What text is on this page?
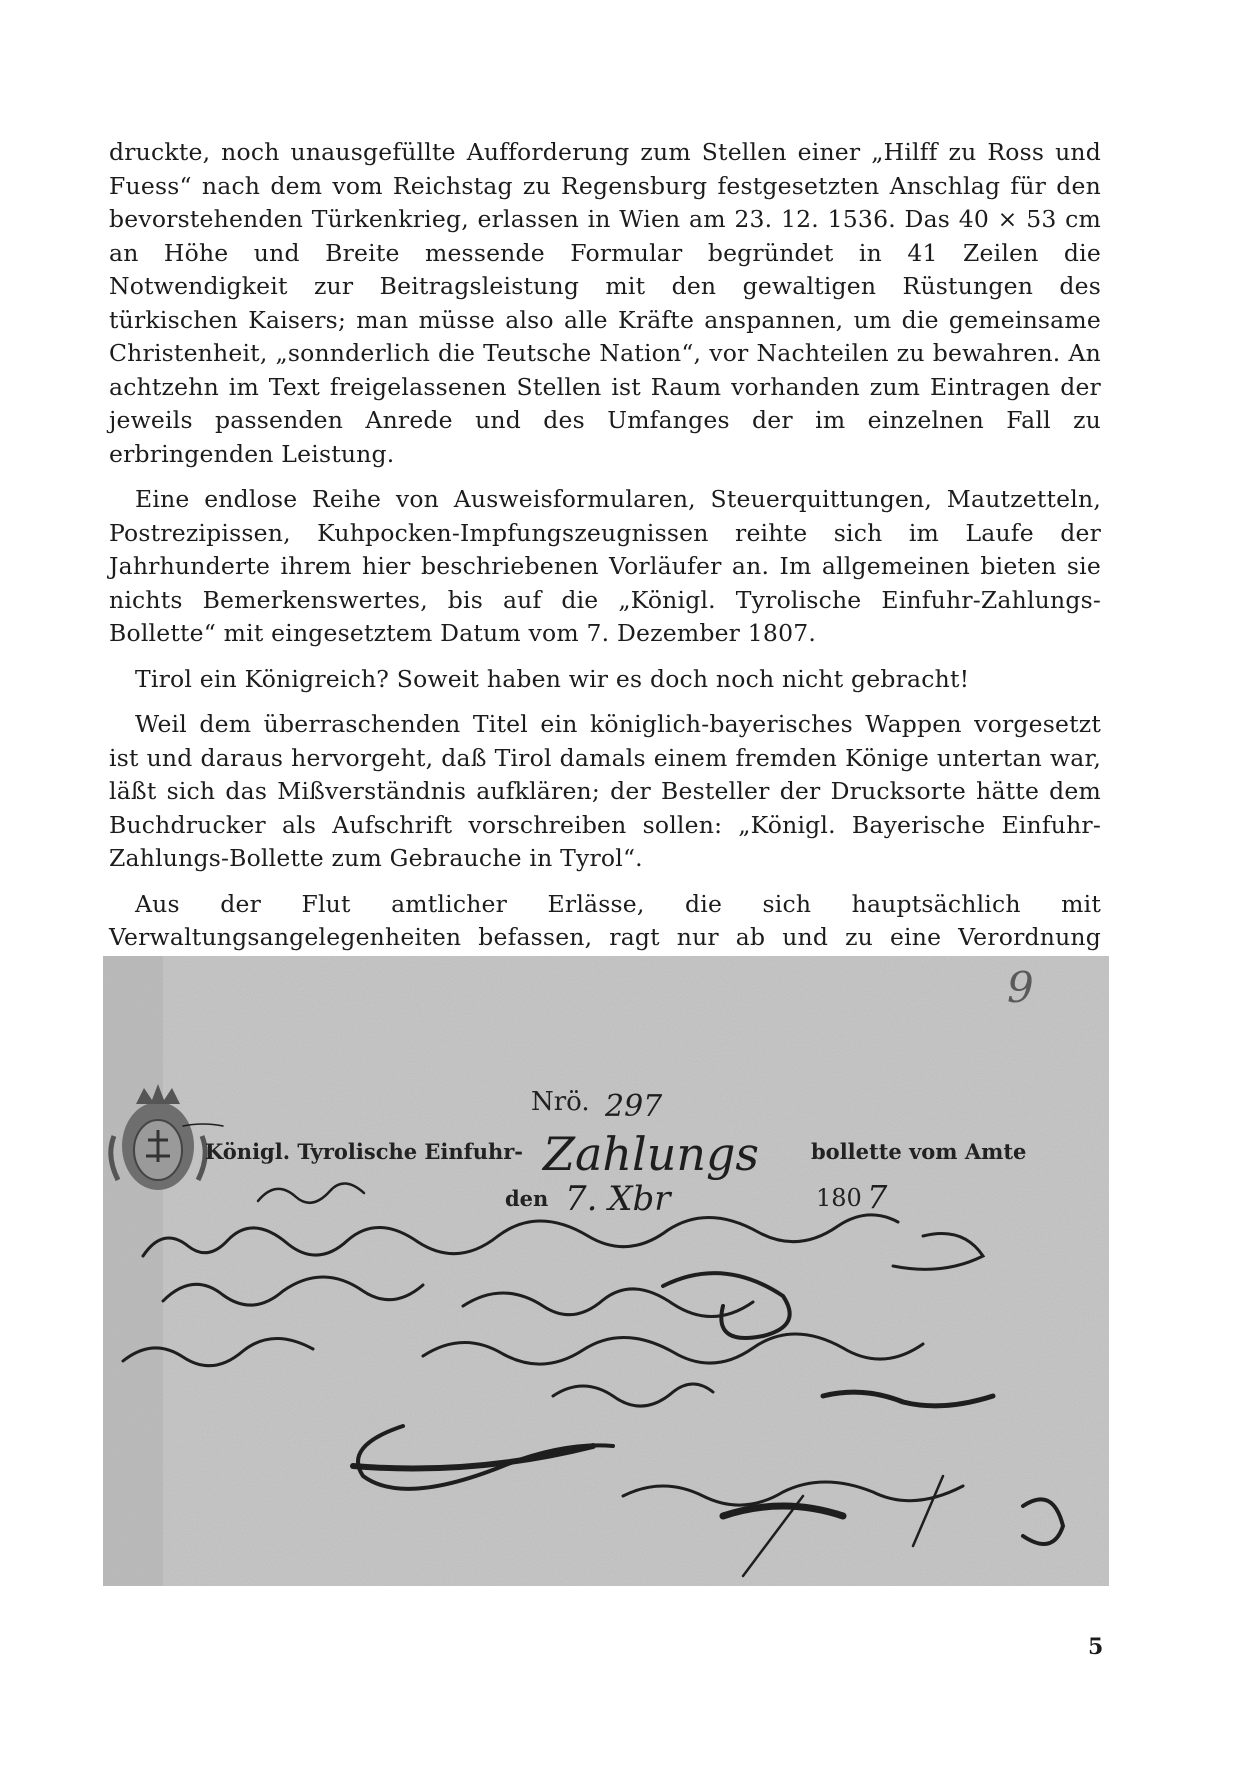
druckte, noch unausgefüllte Aufforderung zum Stellen einer „Hilff zu Ross und Fuess“ nach dem vom Reichstag zu Regensburg festgesetzten Anschlag für den bevorstehenden Türkenkrieg, erlassen in Wien am 23. 12. 1536. Das 40 × 53 cm an Höhe und Breite messende Formular begründet in 41 Zeilen die Notwendigkeit zur Beitragsleistung mit den gewaltigen Rüstungen des türkischen Kaisers; man müsse also alle Kräfte anspannen, um die gemeinsame Christenheit, „sonnderlich die Teutsche Nation“, vor Nachteilen zu bewahren. An achtzehn im Text freigelassenen Stellen ist Raum vorhanden zum Eintragen der jeweils passenden Anrede und des Umfanges der im einzelnen Fall zu erbringenden Leistung.

Eine endlose Reihe von Ausweisformularen, Steuerquittungen, Mautzetteln, Postrezipissen, Kuhpocken-Impfungszeugnissen reihte sich im Laufe der Jahrhunderte ihrem hier beschriebenen Vorläufer an. Im allgemeinen bieten sie nichts Bemerkenswertes, bis auf die „Königl. Tyrolische Einfuhr-Zahlungs-Bollette“ mit eingesetztem Datum vom 7. Dezember 1807.

Tirol ein Königreich? Soweit haben wir es doch noch nicht gebracht!

Weil dem überraschenden Titel ein königlich-bayerisches Wappen vorgesetzt ist und daraus hervorgeht, daß Tirol damals einem fremden Könige untertan war, läßt sich das Mißverständnis aufklären; der Besteller der Drucksorte hätte dem Buchdrucker als Aufschrift vorschreiben sollen: „Königl. Bayerische Einfuhr-Zahlungs-Bollette zum Gebrauche in Tyrol“.

Aus der Flut amtlicher Erlässe, die sich hauptsächlich mit Verwaltungsangelegenheiten befassen, ragt nur ab und zu eine Verordnung

Nrö.
Königl. Tyrolische Einfuhr-	bollette vom Amte
den	180
297
Zahlungs
7. Xbr	7
9
5
